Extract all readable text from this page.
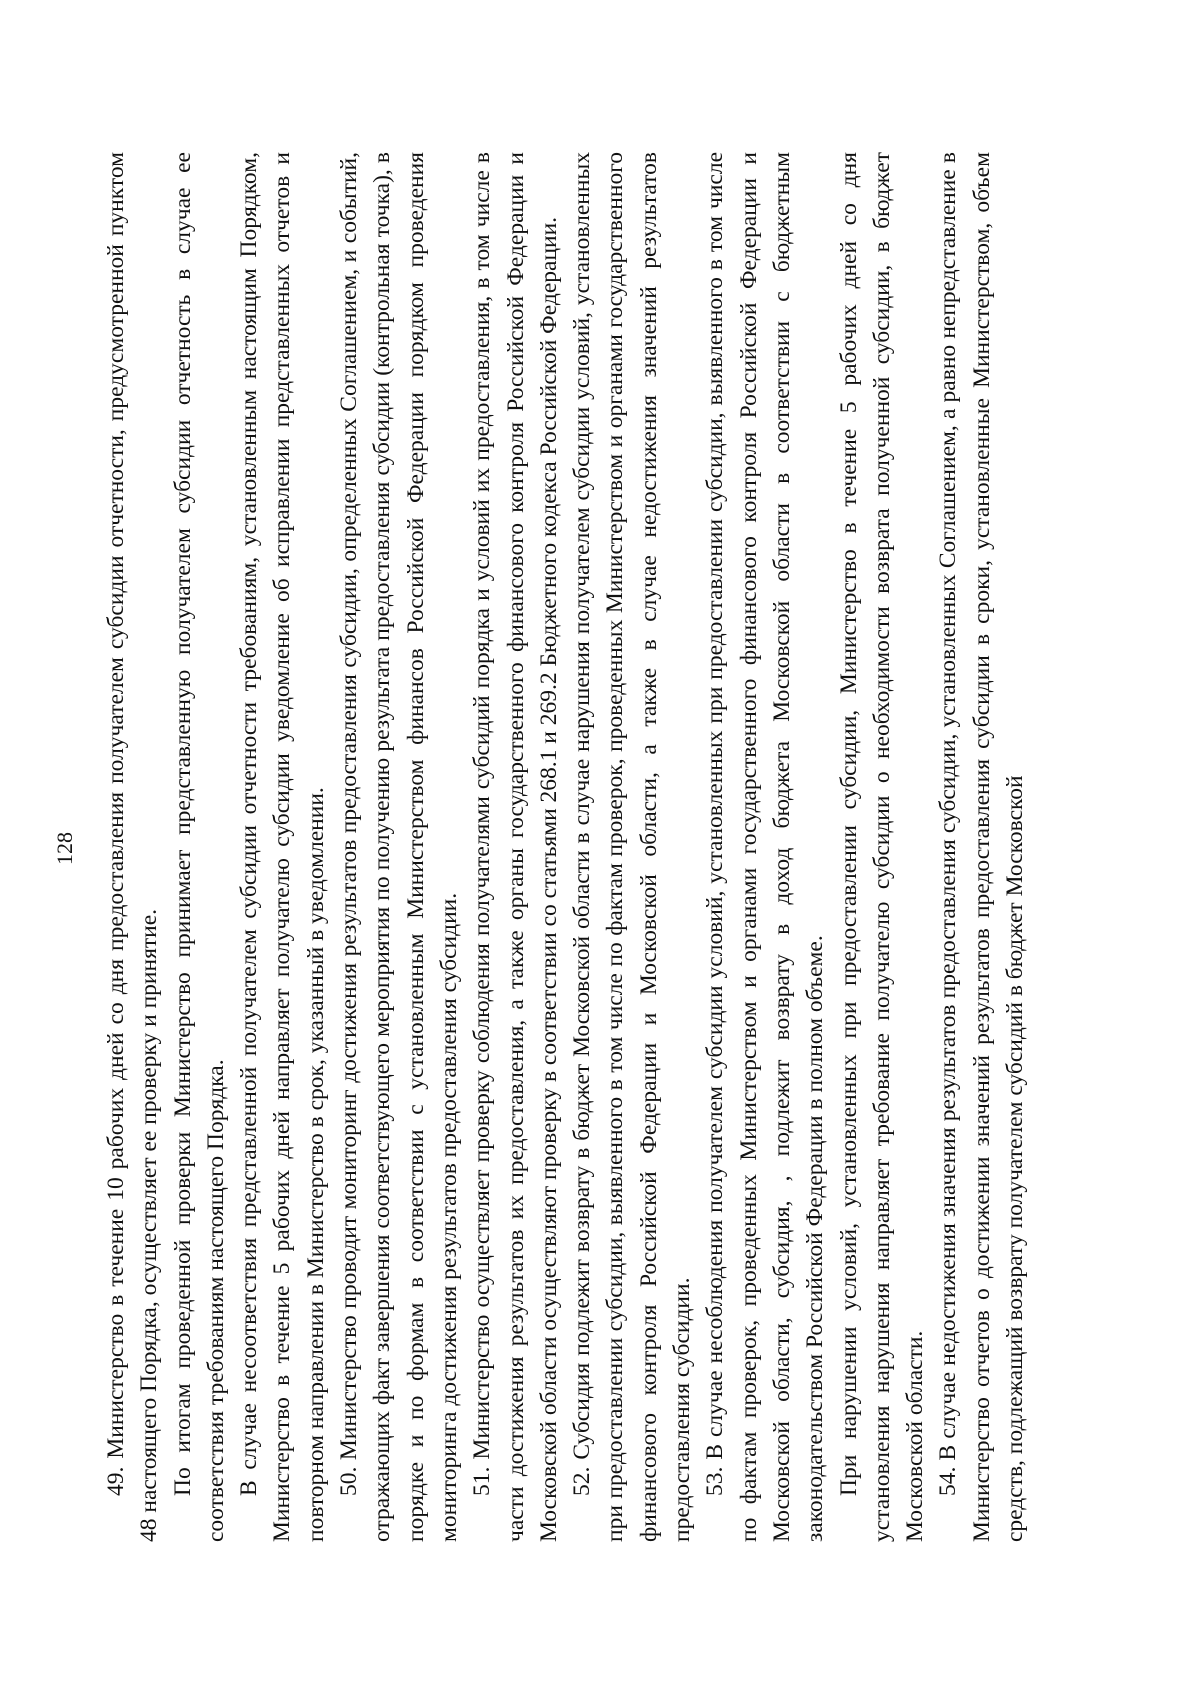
128 49. Министерство в течение 10 рабочих дней со дня предоставления получателем субсидии отчетности, предусмотренной пунктом 48 настоящего Порядка, осуществляет ее проверку и принятие. По итогам проведенной проверки Министерство принимает представленную получателем субсидии отчетность в случае ее соответствия требованиям настоящего Порядка. В случае несоответствия представленной получателем субсидии отчетности требованиям, установленным настоящим Порядком, Министерство в течение 5 рабочих дней направляет получателю субсидии уведомление об исправлении представленных отчетов и повторном направлении в Министерство в срок, указанный в уведомлении. 50. Министерство проводит мониторинг достижения результатов предоставления субсидии, определенных Соглашением, и событий, отражающих факт завершения соответствующего мероприятия по получению результата предоставления субсидии (контрольная точка), в порядке и по формам в соответствии с установленным Министерством финансов Российской Федерации порядком проведения мониторинга достижения результатов предоставления субсидии. 51. Министерство осуществляет проверку соблюдения получателями субсидий порядка и условий их предоставления, в том числе в части достижения результатов их предоставления, а также органы государственного финансового контроля Российской Федерации и Московской области осуществляют проверку в соответствии со статьями 268.1 и 269.2 Бюджетного кодекса Российской Федерации. 52. Субсидия подлежит возврату в бюджет Московской области в случае нарушения получателем субсидии условий, установленных при предоставлении субсидии, выявленного в том числе по фактам проверок, проведенных Министерством и органами государственного финансового контроля Российской Федерации и Московской области, а также в случае недостижения значений результатов предоставления субсидии. 53. В случае несоблюдения получателем субсидии условий, установленных при предоставлении субсидии, выявленного в том числе по фактам проверок, проведенных Министерством и органами государственного финансового контроля Российской Федерации и Московской области, субсидия, , подлежит возврату в доход бюджета Московской области в соответствии с бюджетным законодательством Российской Федерации в полном объеме. При нарушении условий, установленных при предоставлении субсидии, Министерство в течение 5 рабочих дней со дня установления нарушения направляет требование получателю субсидии о необходимости возврата полученной субсидии, в бюджет Московской области. 54. В случае недостижения значения результатов предоставления субсидии, установленных Соглашением, а равно непредставление в Министерство отчетов о достижении значений результатов предоставления субсидии в сроки, установленные Министерством, объем средств, подлежащий возврату получателем субсидий в бюджет Московской
